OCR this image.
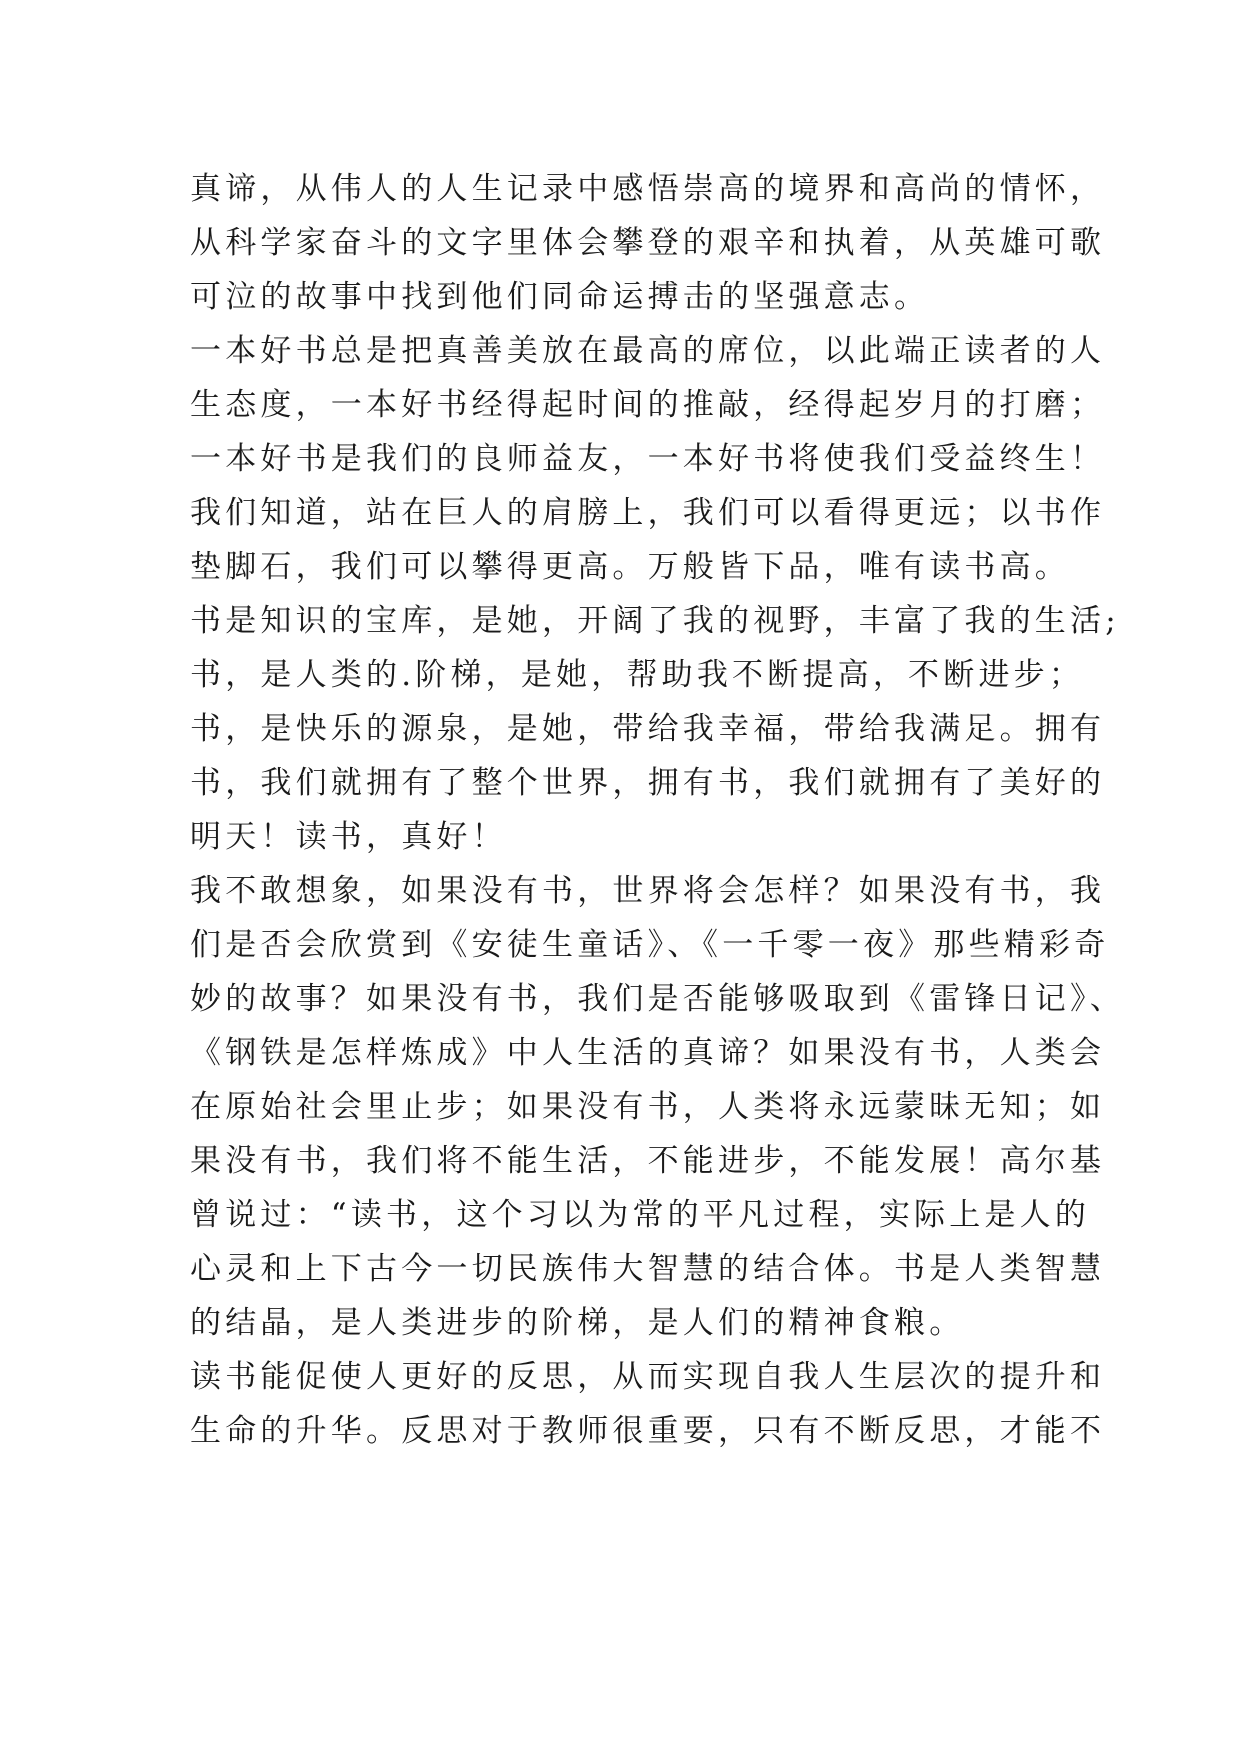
真谛，从伟人的人生记录中感悟崇高的境界和高尚的情怀，
从科学家奋斗的文字里体会攀登的艰辛和执着，从英雄可歌
可泣的故事中找到他们同命运搏击的坚强意志。
一本好书总是把真善美放在最高的席位，以此端正读者的人
生态度，一本好书经得起时间的推敲，经得起岁月的打磨；
一本好书是我们的良师益友，一本好书将使我们受益终生！
我们知道，站在巨人的肩膀上，我们可以看得更远；以书作
垫脚石，我们可以攀得更高。万般皆下品，唯有读书高。
书是知识的宝库，是她，开阔了我的视野，丰富了我的生活;
书，是人类的.阶梯，是她，帮助我不断提高，不断进步；
书，是快乐的源泉，是她，带给我幸福，带给我满足。拥有
书，我们就拥有了整个世界，拥有书，我们就拥有了美好的
明天！读书，真好！
我不敢想象，如果没有书，世界将会怎样？如果没有书，我
们是否会欣赏到《安徒生童话》、《一千零一夜》那些精彩奇
妙的故事？如果没有书，我们是否能够吸取到《雷锋日记》、
《钢铁是怎样炼成》中人生活的真谛？如果没有书，人类会
在原始社会里止步；如果没有书，人类将永远蒙昧无知；如
果没有书，我们将不能生活，不能进步，不能发展！高尔基
曾说过：“读书，这个习以为常的平凡过程，实际上是人的
心灵和上下古今一切民族伟大智慧的结合体。书是人类智慧
的结晶，是人类进步的阶梯，是人们的精神食粮。
读书能促使人更好的反思，从而实现自我人生层次的提升和
生命的升华。反思对于教师很重要，只有不断反思，才能不
